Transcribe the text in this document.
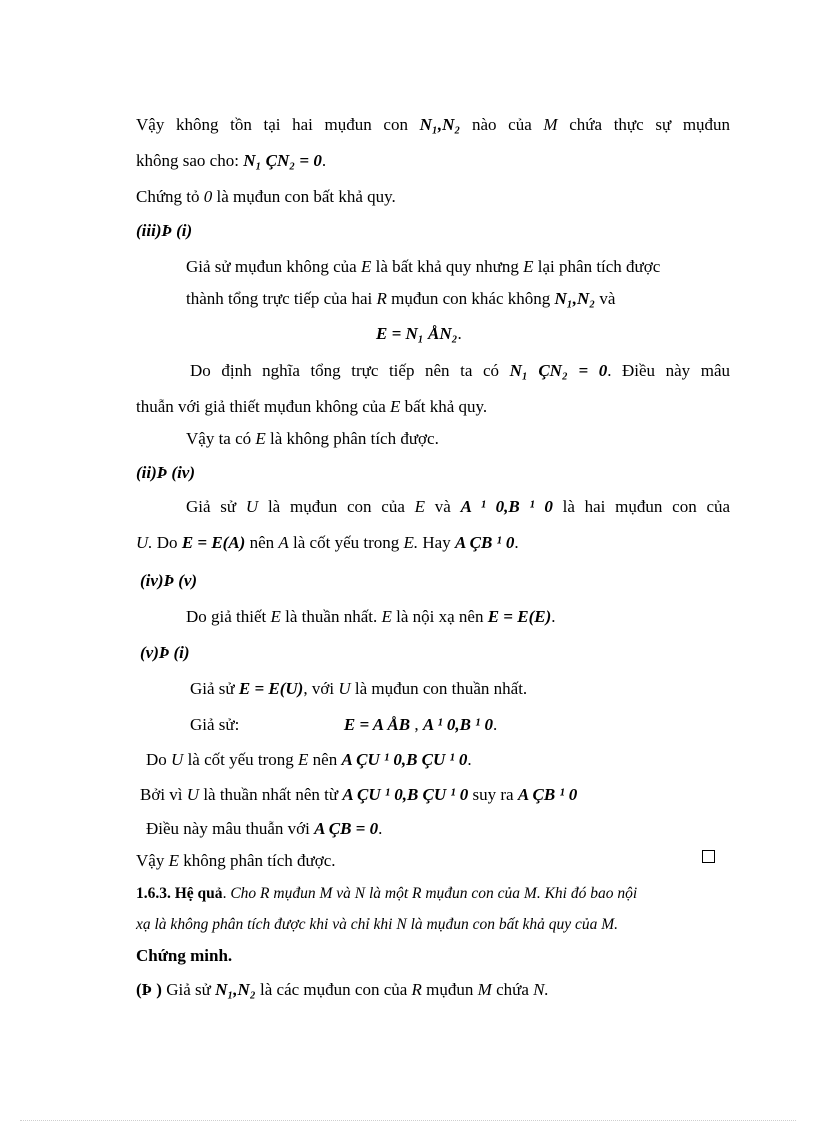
Vậy không tồn tại hai mụđun con N₁,N₂ nào của M chứa thực sự mụđun
không sao cho: N₁ ÇN₂ = 0.
Chứng tỏ 0 là mụđun con bất khả quy.
(iii)Þ (i)
Giả sử mụđun không của E là bất khả quy nhưng E lại phân tích được
thành tổng trực tiếp của hai R mụđun con khác không N₁,N₂ và
E = N₁ ÅN₂.
Do định nghĩa tổng trực tiếp nên ta có N₁ ÇN₂ = 0. Điều này mâu
thuẫn với giả thiết mụđun không của E bất khả quy.
Vậy ta có E là không phân tích được.
(ii)Þ (iv)
Giả sử U là mụđun con của E và A ¹ 0,B ¹ 0 là hai mụđun con của
U. Do E = E(A) nên A là cốt yếu trong E. Hay A ÇB ¹ 0.
(iv)Þ (v)
Do giả thiết E là thuần nhất. E là nội xạ nên E = E(E).
(v)Þ (i)
Giả sử E = E(U), với U là mụđun con thuần nhất.
Giả sử:	E = A ÅB , A ¹ 0,B ¹ 0.
Do U là cốt yếu trong E nên A ÇU ¹ 0,B ÇU ¹ 0.
Bởi vì U là thuần nhất nên từ A ÇU ¹ 0,B ÇU ¹ 0 suy ra A ÇB ¹ 0
Điều này mâu thuẫn với A ÇB = 0.
Vậy E không phân tích được.
1.6.3. Hệ quả. Cho R mụđun M và N là một R mụđun con của M. Khi đó bao nội
xạ là không phân tích được khi và chỉ khi N là mụđun con bất khả quy của M.
Chứng minh.
(Þ ) Giả sử N₁,N₂ là các mụđun con của R mụđun M chứa N.
